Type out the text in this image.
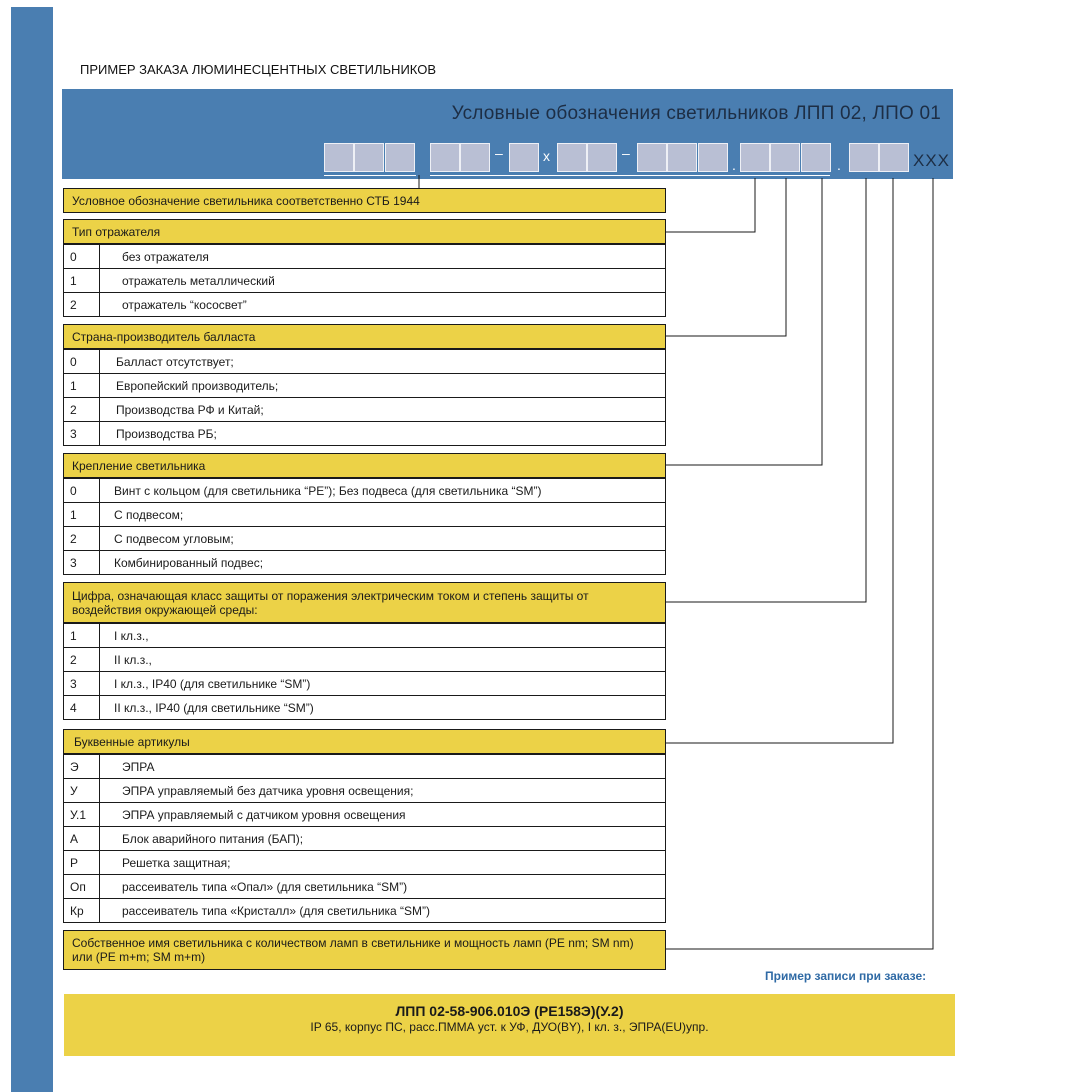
ПРИМЕР ЗАКАЗА ЛЮМИНЕСЦЕНТНЫХ СВЕТИЛЬНИКОВ
Условные обозначения светильников ЛПП 02, ЛПО 01
–	х	–
.	.	ХХХ
Условное обозначение светильника соответственно СТБ 1944
Тип отражателя
0	без отражателя
1	отражатель металлический
2	отражатель “кососвет”
Страна-производитель балласта
0	Балласт отсутствует;
1	Европейский производитель;
2	Производства РФ и Китай;
3	Производства РБ;
Крепление светильника
0	Винт с кольцом (для светильника “PE”); Без подвеса (для светильника “SM”)
1	С подвесом;
2	С подвесом угловым;
3	Комбинированный подвес;
Цифра, означающая класс защиты от поражения электрическим током и степень защиты от воздействия окружающей среды:
1	I кл.з.,
2	II кл.з.,
3	I кл.з., IP40 (для светильнике “SM”)
4	II кл.з., IP40 (для светильнике “SM”)
Буквенные артикулы
Э	ЭПРА
У	ЭПРА управляемый без датчика уровня освещения;
У.1	ЭПРА управляемый с датчиком уровня освещения
А	Блок аварийного питания (БАП);
Р	Решетка защитная;
Оп	рассеиватель типа «Опал» (для светильника “SM”)
Кр	рассеиватель типа «Кристалл» (для светильника “SM”)
Собственное имя светильника с количеством ламп в светильнике и мощность ламп (PE nm; SM nm) или (PE m+m; SM m+m)
Пример записи при заказе:
ЛПП 02-58-906.010Э (PE158Э)(У.2)
IP 65, корпус ПС, расс.ПММА уст. к УФ, ДУО(BY), I кл. з., ЭПРА(EU)упр.
